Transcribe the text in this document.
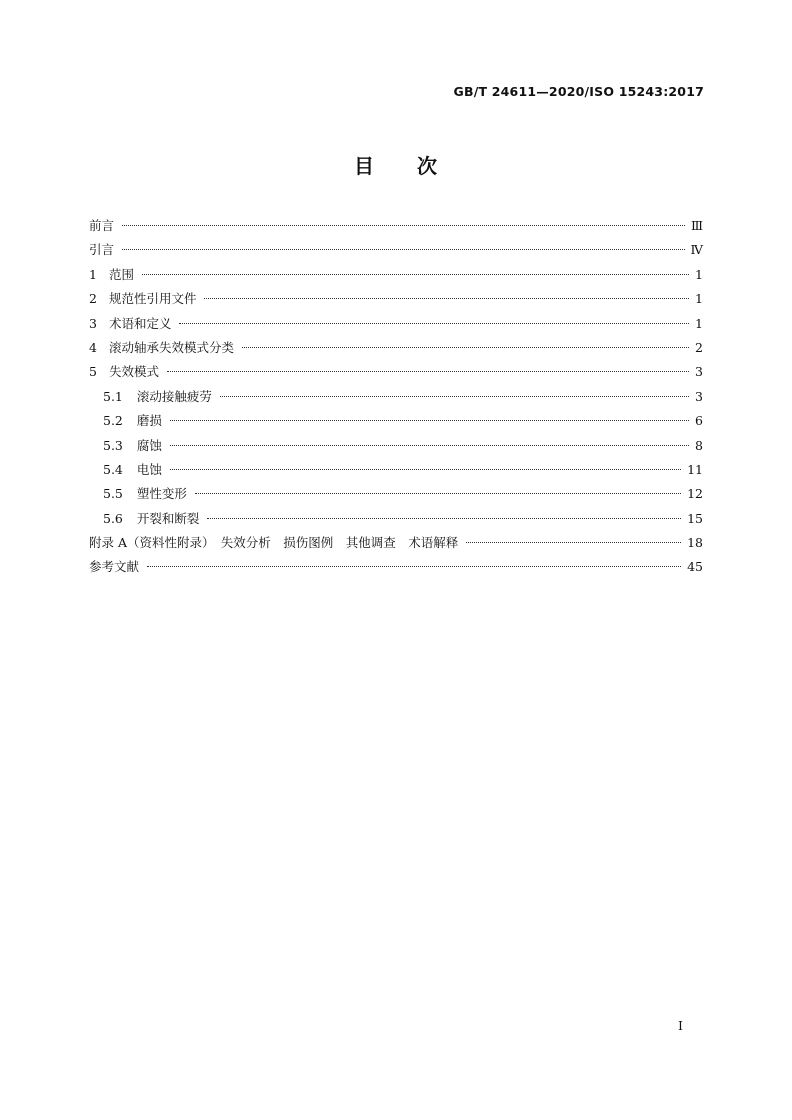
GB/T 24611—2020/ISO 15243:2017
目　　次
前言	Ⅲ
引言	Ⅳ
1 范围	1
2 规范性引用文件	1
3 术语和定义	1
4 滚动轴承失效模式分类	2
5 失效模式	3
5.1 滚动接触疲劳	3
5.2 磨损	6
5.3 腐蚀	8
5.4 电蚀	11
5.5 塑性变形	12
5.6 开裂和断裂	15
附录 A（资料性附录）　失效分析　损伤图例　其他调查　术语解释	18
参考文献	45
Ⅰ
